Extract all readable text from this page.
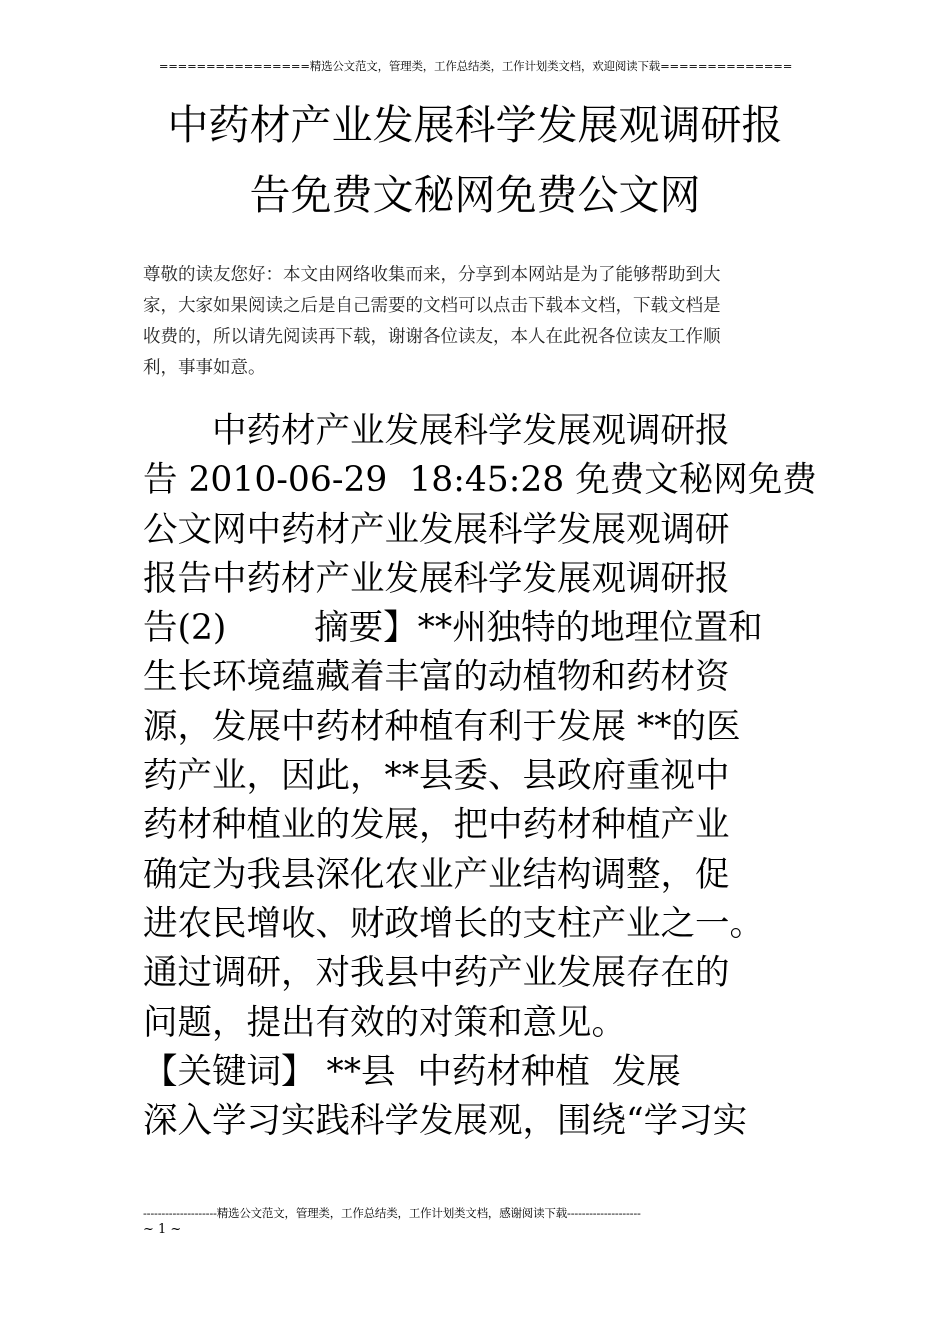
================精选公文范文，管理类，工作总结类，工作计划类文档，欢迎阅读下载==============
中药材产业发展科学发展观调研报
告免费文秘网免费公文网
尊敬的读友您好：本文由网络收集而来，分享到本网站是为了能够帮助到大
家，大家如果阅读之后是自己需要的文档可以点击下载本文档，下载文档是
收费的，所以请先阅读再下载，谢谢各位读友，本人在此祝各位读友工作顺
利，事事如意。
　　中药材产业发展科学发展观调研报
告 2010-06-29  18:45:28 免费文秘网免费
公文网中药材产业发展科学发展观调研
报告中药材产业发展科学发展观调研报
告(2)        摘要】**州独特的地理位置和
生长环境蕴藏着丰富的动植物和药材资
源，发展中药材种植有利于发展 **的医
药产业，因此，**县委、县政府重视中
药材种植业的发展，把中药材种植产业
确定为我县深化农业产业结构调整，促
进农民增收、财政增长的支柱产业之一。
通过调研，对我县中药产业发展存在的
问题，提出有效的对策和意见。
【关键词】 **县  中药材种植  发展
深入学习实践科学发展观，围绕“学习实
--------------------精选公文范文，管理类，工作总结类，工作计划类文档，感谢阅读下载--------------------
~ 1 ~
